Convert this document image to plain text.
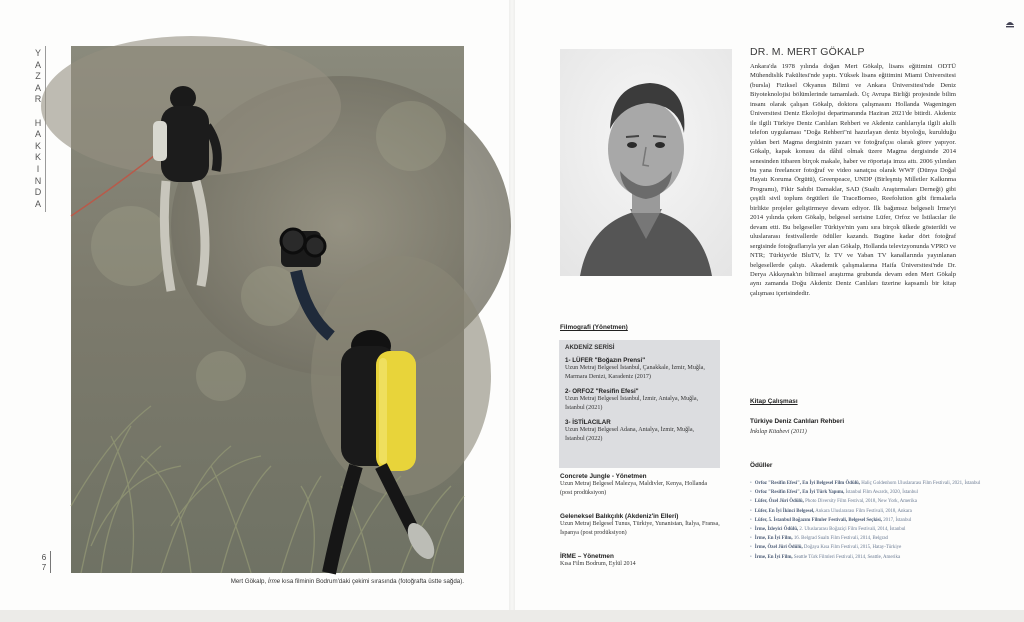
Y
A
Z
A
R
H
A
K
K
I
N
D
A
Mert Gökalp, İrme kısa filminin Bodrum'daki çekimi sırasında (fotoğrafta üstte sağda).
6
7
DR. M. MERT GÖKALP
Ankara'da 1978 yılında doğan Mert Gökalp, lisans eğitimini ODTÜ Mühendislik Fakültesi'nde yaptı. Yüksek lisans eğitimini Miami Üniversitesi (bursla) Fiziksel Okyanus Bilimi ve Ankara Üniversitesi'nde Deniz Biyoteknolojisi bölümlerinde tamamladı. Üç Avrupa Birliği projesinde bilim insanı olarak çalışan Gökalp, doktora çalışmasını Hollanda Wageningen Üniversitesi Deniz Ekolojisi departmanında Haziran 2021'de bitirdi. Akdeniz ile ilgili Türkiye Deniz Canlıları Rehberi ve Akdeniz canlılarıyla ilgili akıllı telefon uygulaması "Doğa Rehberi"ni hazırlayan deniz biyoloğu, kurulduğu yıldan beri Magma dergisinin yazarı ve fotoğrafçısı olarak görev yapıyor. Gökalp, kapak konusu da dâhil olmak üzere Magma dergisinde 2014 senesinden itibaren birçok makale, haber ve röportaja imza attı. 2006 yılından bu yana freelancer fotoğraf ve video sanatçısı olarak WWF (Dünya Doğal Hayatı Koruma Örgütü), Greenpeace, UNDP (Birleşmiş Milletler Kalkınma Programı), Fikir Sahibi Damaklar, SAD (Sualtı Araştırmaları Derneği) gibi çeşitli sivil toplum örgütleri ile TraceBorneo, Reefolution gibi firmalarla birlikte projeler geliştirmeye devam ediyor. İlk bağımsız belgeseli İrme'yi 2014 yılında çeken Gökalp, belgesel serisine Lüfer, Orfoz ve İstilacılar ile devam etti. Bu belgeseller Türkiye'nin yanı sıra birçok ülkede gösterildi ve uluslararası festivallerde ödüller kazandı. Bugüne kadar dört fotoğraf sergisinde fotoğraflarıyla yer alan Gökalp, Hollanda televizyonunda VPRO ve NTR; Türkiye'de BluTV, İz TV ve Yaban TV kanallarında yayınlanan belgesellerde çalıştı. Akademik çalışmalarına Haifa Üniversitesi'nde Dr. Derya Akkaynak'ın bilimsel araştırma grubunda devam eden Mert Gökalp aynı zamanda Doğu Akdeniz Deniz Canlıları üzerine kapsamlı bir kitap çalışması içerisindedir.
Filmografi (Yönetmen)
AKDENİZ SERİSİ
1- LÜFER "Boğazın Prensi"
Uzun Metraj Belgesel İstanbul, Çanakkale, İzmir, Muğla, Marmara Denizi, Karadeniz (2017)
2- ORFOZ "Resifin Efesi"
Uzun Metraj Belgesel İstanbul, İzmir, Antalya, Muğla, İstanbul (2021)
3- İSTİLACILAR
Uzun Metraj Belgesel Adana, Antalya, İzmir, Muğla, İstanbul (2022)
Concrete Jungle - Yönetmen
Uzun Metraj Belgesel Malezya, Maldivler, Kenya, Hollanda (post prodüksiyon)
Geleneksel Balıkçılık (Akdeniz'in Elleri)
Uzun Metraj Belgesel Tunus, Türkiye, Yunanistan, İtalya, Fransa, İspanya (post prodüksiyon)
İRME – Yönetmen
Kısa Film Bodrum, Eylül 2014
Kitap Çalışması
Türkiye Deniz Canlıları Rehberi
İnkılap Kitabevi (2011)
Ödüller
• Orfoz "Resifin Efesi", En İyi Belgesel Film Ödülü, Haliç Goldenhorn Uluslararası Film Festivali, 2021, İstanbul
• Orfoz "Resifin Efesi", En İyi Türk Yapımı, İstanbul Film Awards, 2020, İstanbul
• Lüfer, Özel Jüri Ödülü, Photo Diversity Film Festival, 2018, New York, Amerika
• Lüfer, En İyi İkinci Belgesel, Ankara Uluslararası Film Festivali, 2018, Ankara
• Lüfer, 5. İstanbul Boğazını Filmler Festivali, Belgesel Seçkisi, 2017, İstanbul
• İrme, İzleyici Ödülü, 2. Uluslararası Boğaziçi Film Festivali, 2014, İstanbul
• İrme, En İyi Film, 16. Belgrad Sualtı Film Festivali, 2014, Belgrad
• İrme, Özel Jüri Ödülü, Doğaya Kısa Film Festivali, 2015, Hatay-Türkiye
• İrme, En İyi Film, Seattle Türk Filmleri Festivali, 2014, Seattle, Amerika
